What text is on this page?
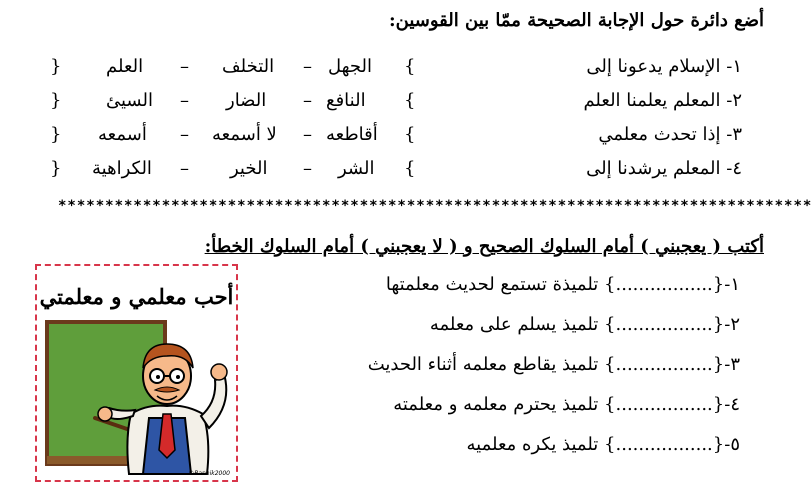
أضع دائرة حول الإجابة الصحيحة ممّا بين القوسين:
١- الإسلام يدعونا إلى
{
الجهل
–
التخلف
–
العلم
}
٢- المعلم يعلمنا العلم
{
النافع
–
الضار
–
السيئ
}
٣- إذا تحدث معلمي
{
أقاطعه
–
لا أسمعه
–
أسمعه
}
٤- المعلم يرشدنا إلى
{
الشر
–
الخير
–
الكراهية
}
********************************************************************************
أكتب ( يعجبني ) أمام السلوك الصحيح و ( لا يعجبني ) أمام السلوك الخطأ:
١-{.................} تلميذة تستمع لحديث معلمتها
٢-{.................} تلميذ يسلم على معلمه
٣-{.................} تلميذ يقاطع معلمه أثناء الحديث
٤-{.................} تلميذ يحترم معلمه و معلمته
٥-{.................} تلميذ يكره معلميه
أحب معلمي و معلمتي
©Bannik2000
